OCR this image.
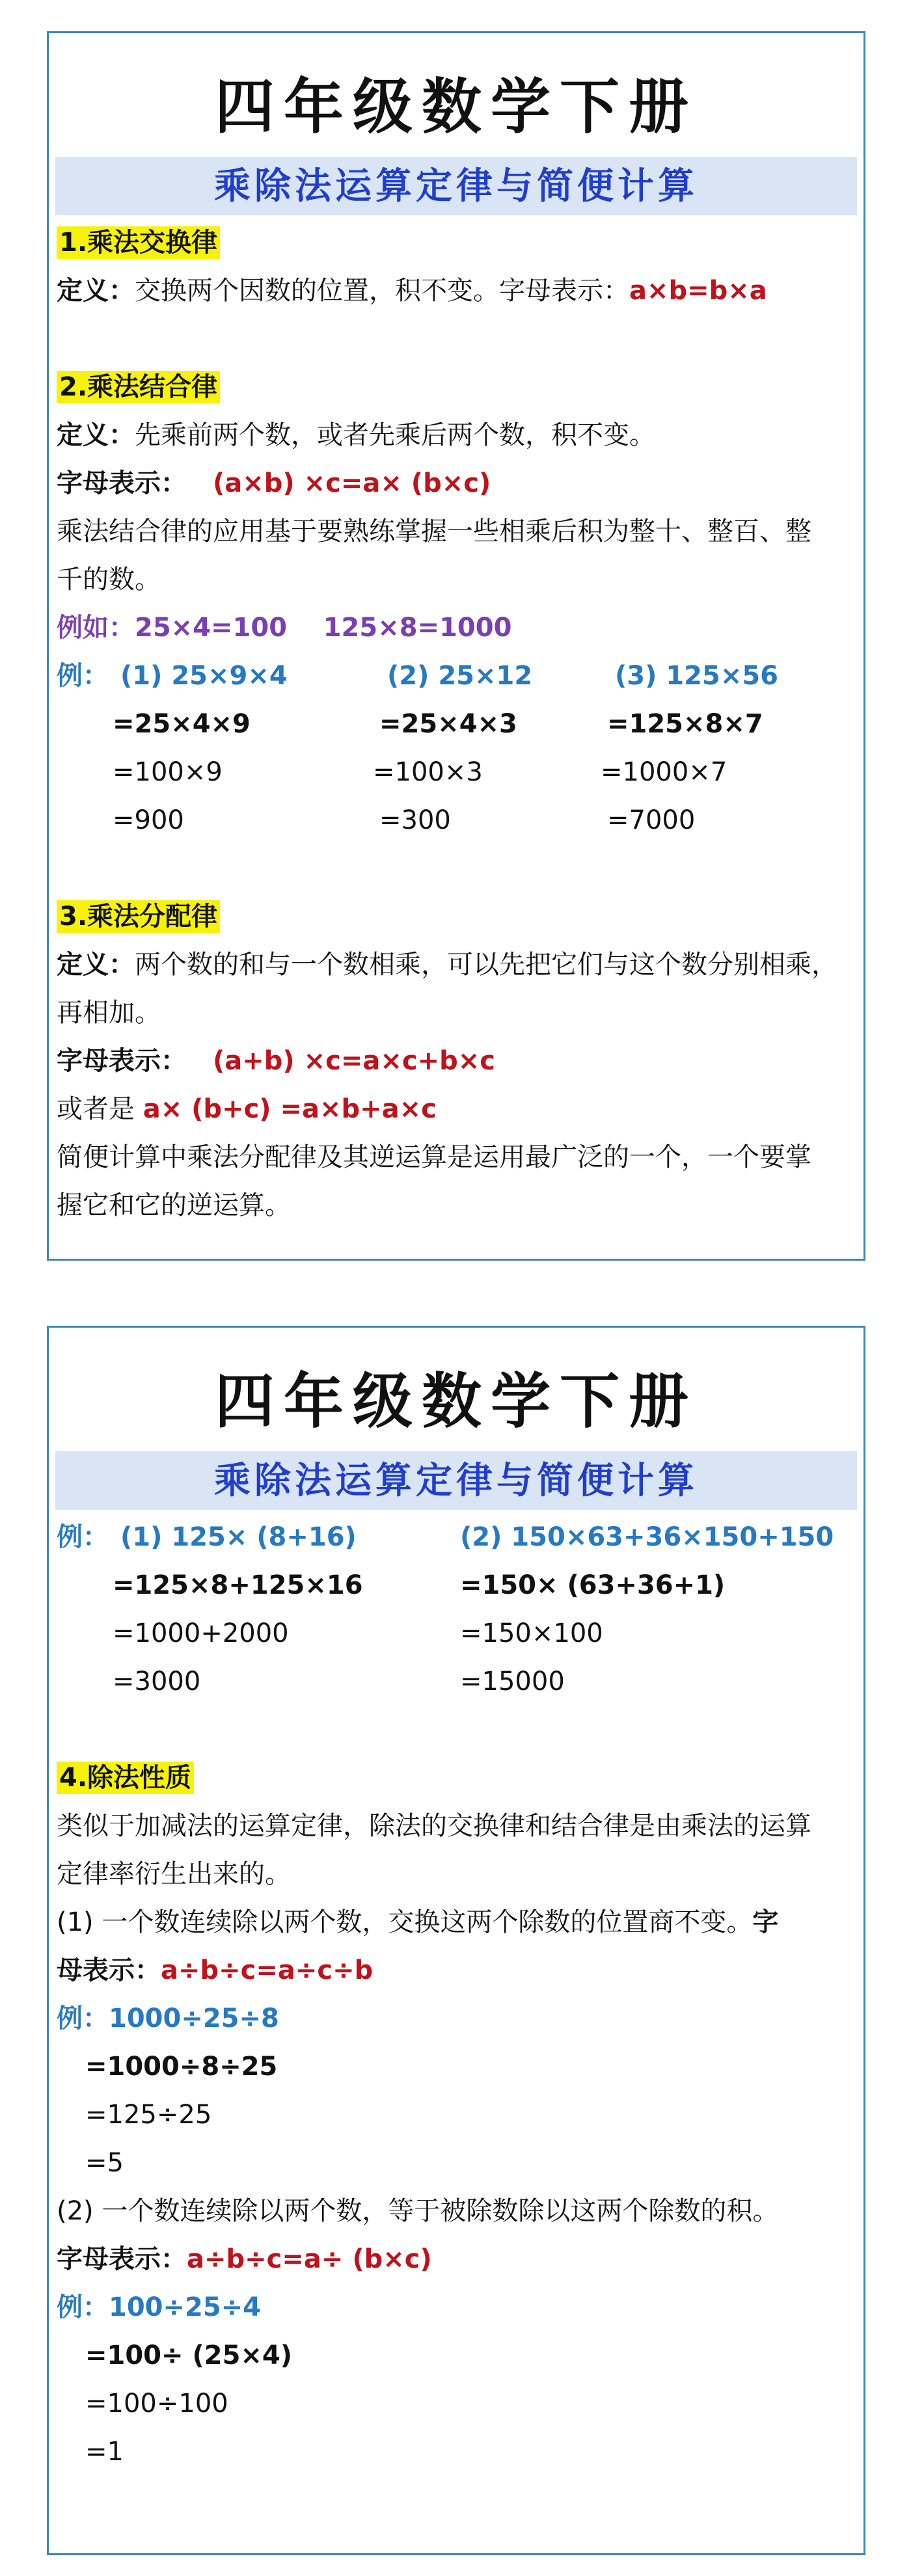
四年级数学下册
乘除法运算定律与简便计算
1.乘法交换律
定义：交换两个因数的位置，积不变。字母表示：a×b=b×a
2.乘法结合律
定义：先乘前两个数，或者先乘后两个数，积不变。
字母表示： (a×b) ×c=a× (b×c)
乘法结合律的应用基于要熟练掌握一些相乘后积为整十、整百、整
千的数。
例如：25×4=100    125×8=1000
例： (1) 25×9×4
=25×4×9
=100×9
=900
(2) 25×12
=25×4×3
=100×3
=300
(3) 125×56
=125×8×7
=1000×7
=7000
3.乘法分配律
定义：两个数的和与一个数相乘，可以先把它们与这个数分别相乘，
再相加。
字母表示： (a+b) ×c=a×c+b×c
或者是 a× (b+c) =a×b+a×c
简便计算中乘法分配律及其逆运算是运用最广泛的一个，一个要掌
握它和它的逆运算。
四年级数学下册
乘除法运算定律与简便计算
例： (1) 125× (8+16)
=125×8+125×16
=1000+2000
=3000
(2) 150×63+36×150+150
=150× (63+36+1)
=150×100
=15000
4.除法性质
类似于加减法的运算定律，除法的交换律和结合律是由乘法的运算
定律率衍生出来的。
(1) 一个数连续除以两个数，交换这两个除数的位置商不变。字
母表示：a÷b÷c=a÷c÷b
例：1000÷25÷8
=1000÷8÷25
=125÷25
=5
(2) 一个数连续除以两个数，等于被除数除以这两个除数的积。
字母表示：a÷b÷c=a÷ (b×c)
例：100÷25÷4
=100÷ (25×4)
=100÷100
=1
